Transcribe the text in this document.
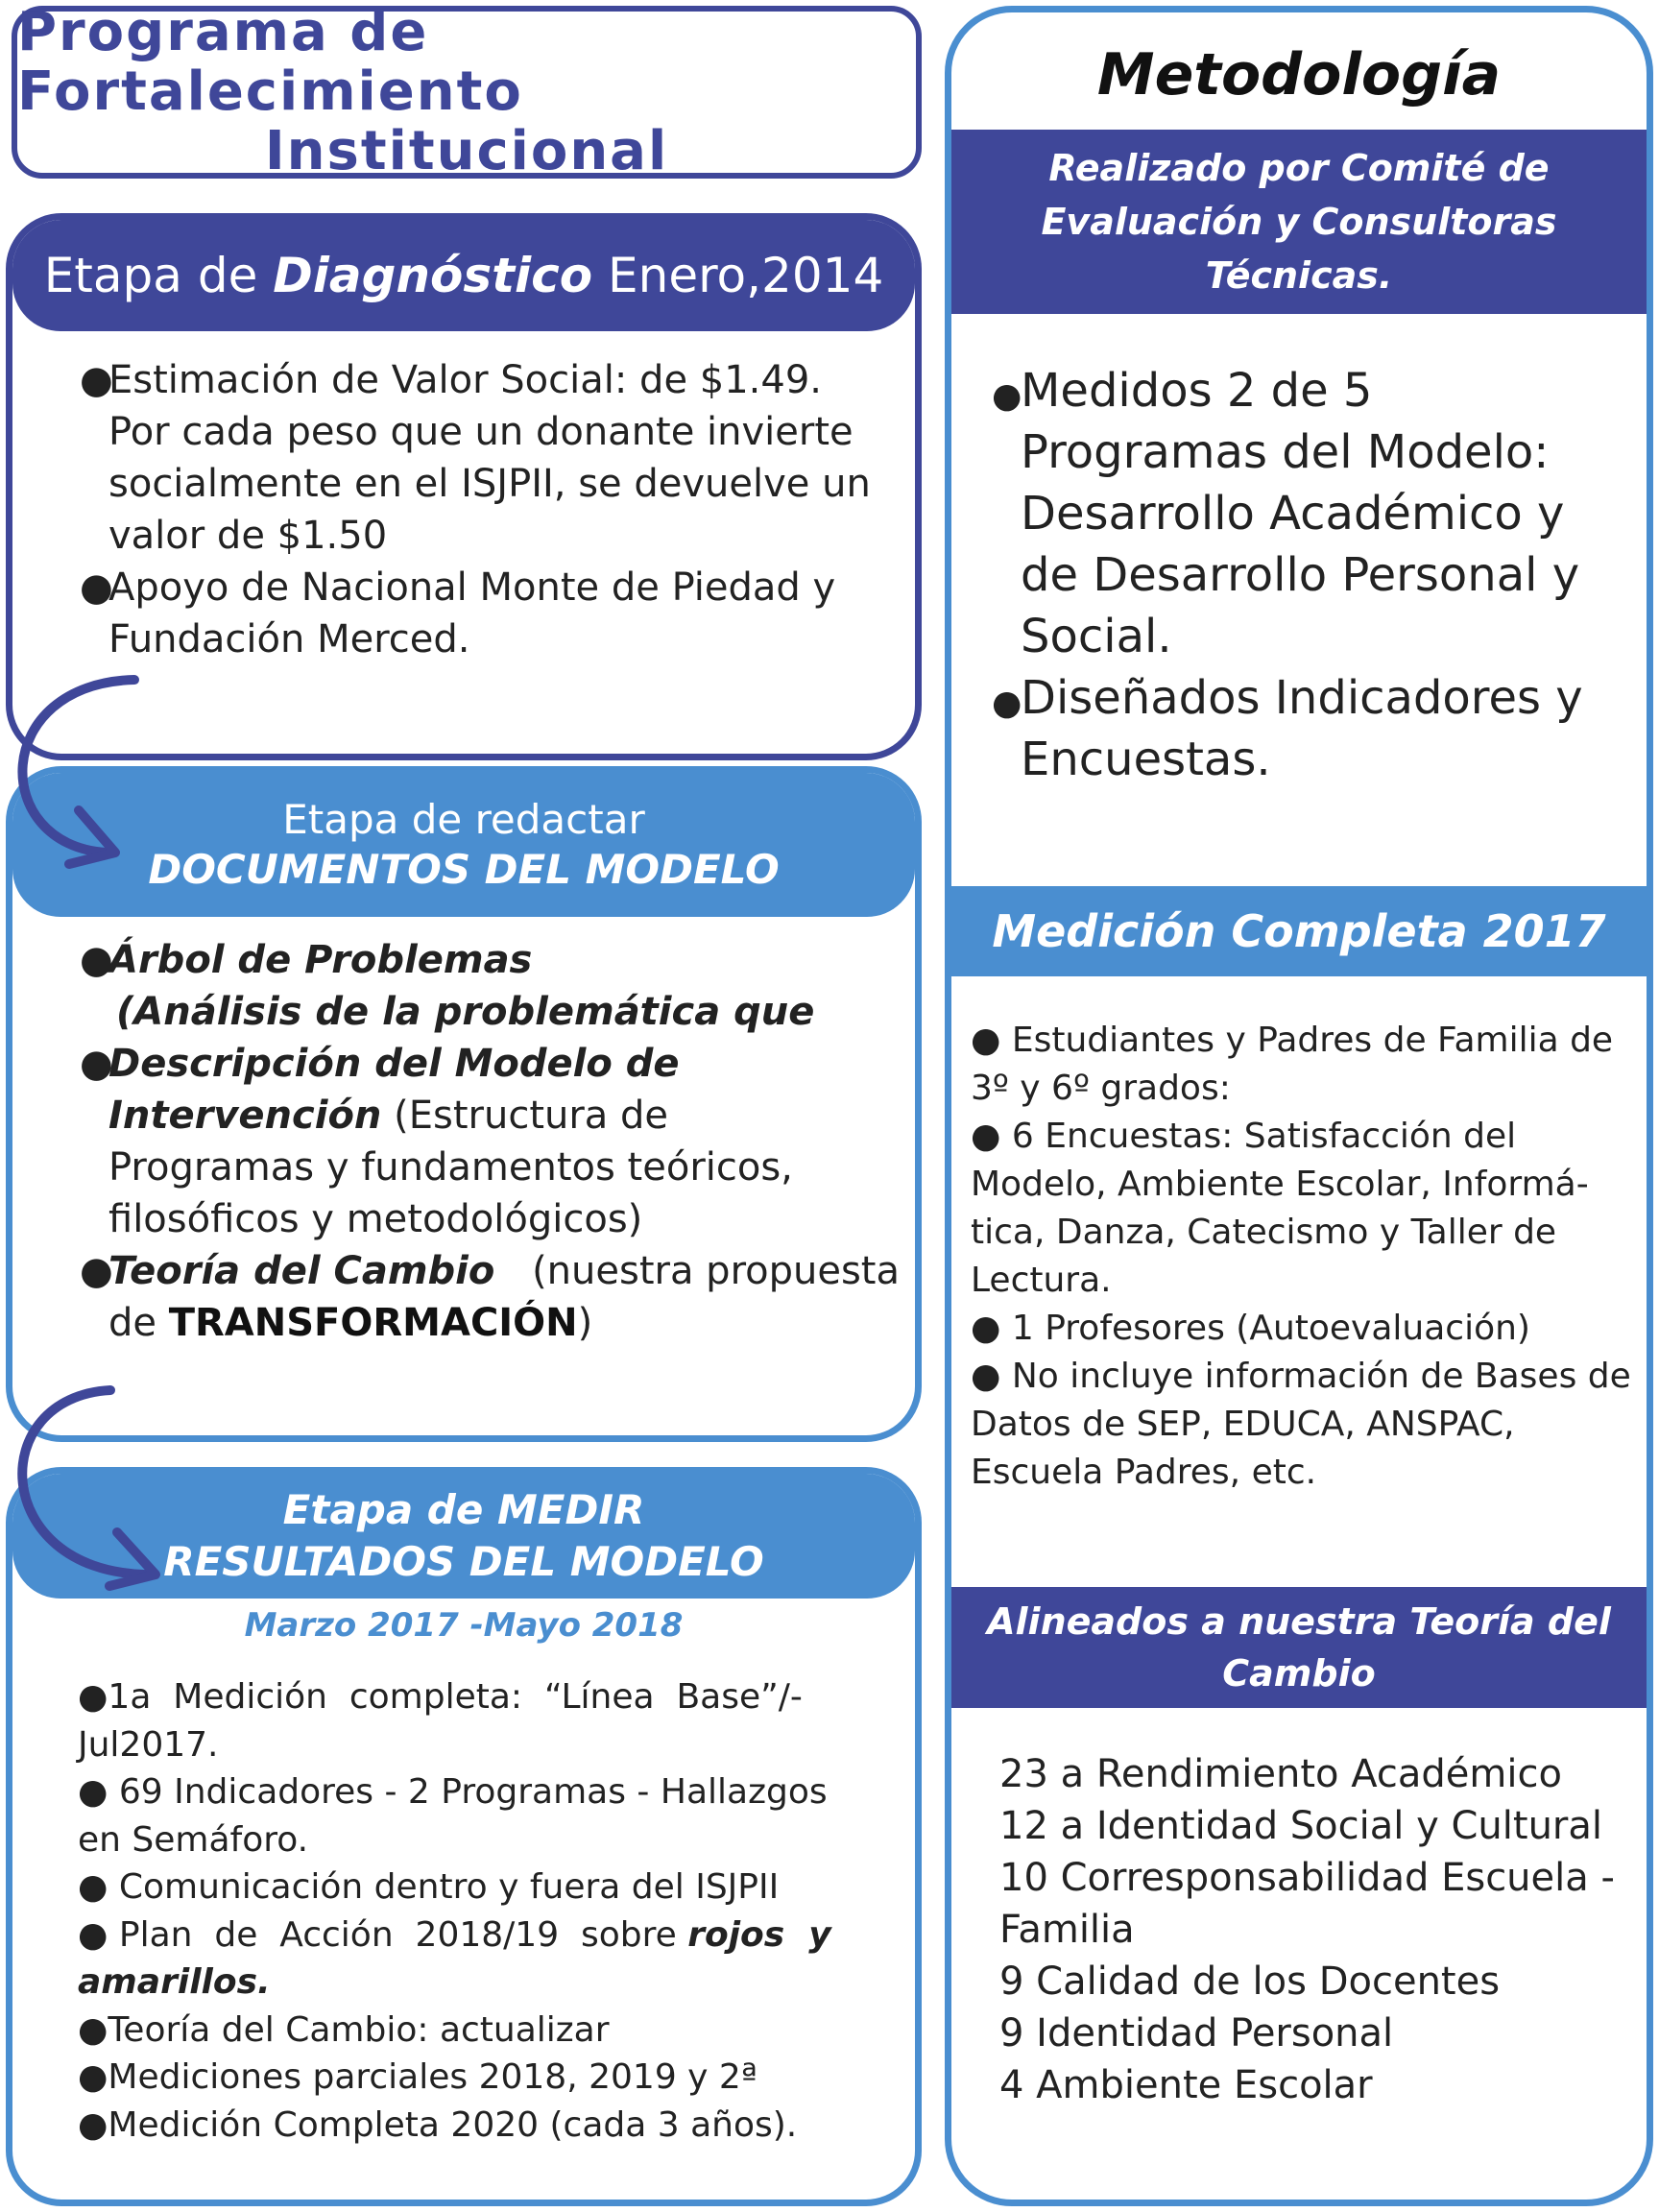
Programa de Fortalecimiento
Institucional
Etapa de Diagnóstico Enero,2014
●
Estimación de Valor Social: de $1.49.
Por cada peso que un donante invierte
socialmente en el ISJPII, se devuelve un
valor de $1.50
●
Apoyo de Nacional Monte de Piedad y
Fundación Merced.
Etapa de redactar
DOCUMENTOS DEL MODELO
●
Árbol de Problemas
(Análisis de la problemática que
●
Descripción del Modelo de
Intervención (Estructura de

Programas y fundamentos teóricos,
filosóficos y metodológicos)
●
Teoría del Cambio (nuestra propuesta
de TRANSFORMACIÓN)
Etapa de MEDIR
RESULTADOS DEL MODELO
Marzo 2017 -Mayo 2018
●1a  Medición  completa:  “Línea  Base”/-
Jul2017.
● 69 Indicadores - 2 Programas - Hallazgos
en Semáforo.
● Comunicación dentro y fuera del ISJPII
● Plan  de  Acción  2018/19  sobre rojos  y
amarillos.
●Teoría del Cambio: actualizar
●Mediciones parciales 2018, 2019 y 2ª
●Medición Completa 2020 (cada 3 años).
Metodología
Realizado por Comité de
Evaluación y Consultoras Técnicas.
●
Medidos 2 de 5
Programas del Modelo:
Desarrollo Académico y
de Desarrollo Personal y
Social.
●
Diseñados Indicadores y
Encuestas.
Medición Completa 2017
● Estudiantes y Padres de Familia de
3º y 6º grados:
● 6 Encuestas: Satisfacción del
Modelo, Ambiente Escolar, Informá-
tica, Danza, Catecismo y Taller de
Lectura.
● 1 Profesores (Autoevaluación)
● No incluye información de Bases de
Datos de SEP, EDUCA, ANSPAC,
Escuela Padres, etc.
Alineados a nuestra Teoría del
Cambio
23 a Rendimiento Académico
12 a Identidad Social y Cultural
10 Corresponsabilidad Escuela -
Familia
9 Calidad de los Docentes
9 Identidad Personal
4 Ambiente Escolar
